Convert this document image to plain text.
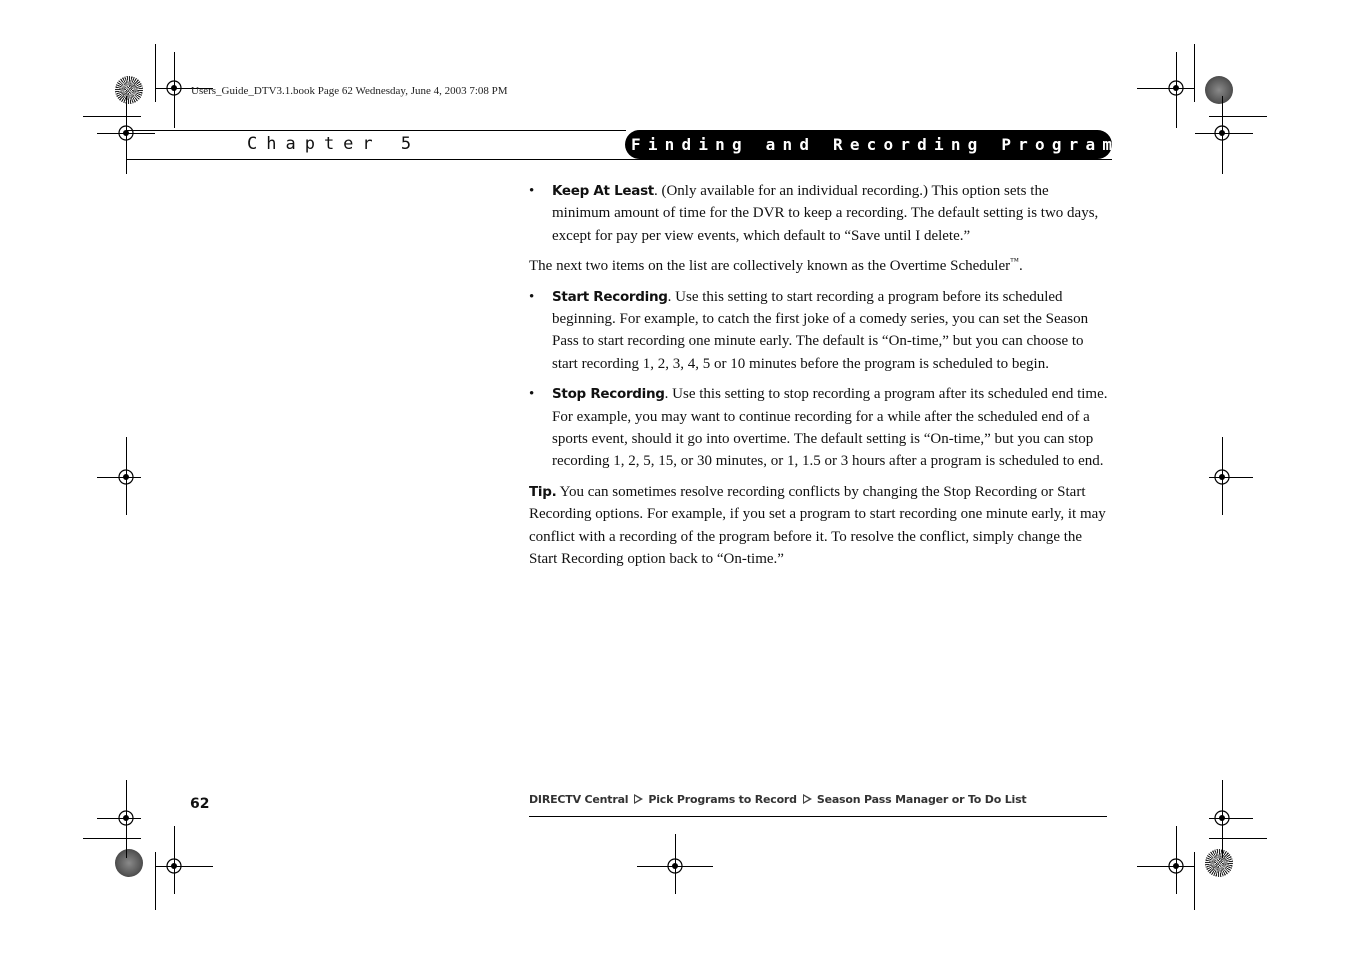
Users_Guide_DTV3.1.book Page 62 Wednesday, June 4, 2003 7:08 PM
Chapter 5	Finding and Recording Programs
• Keep At Least. (Only available for an individual recording.) This option sets the minimum amount of time for the DVR to keep a recording. The default setting is two days, except for pay per view events, which default to “Save until I delete.”

The next two items on the list are collectively known as the Overtime Scheduler™.

• Start Recording. Use this setting to start recording a program before its scheduled beginning. For example, to catch the first joke of a comedy series, you can set the Season Pass to start recording one minute early. The default is “On-time,” but you can choose to start recording 1, 2, 3, 4, 5 or 10 minutes before the program is scheduled to begin.
• Stop Recording. Use this setting to stop recording a program after its scheduled end time. For example, you may want to continue recording for a while after the scheduled end of a sports event, should it go into overtime. The default setting is “On-time,” but you can stop recording 1, 2, 5, 15, or 30 minutes, or 1, 1.5 or 3 hours after a program is scheduled to end.

Tip. You can sometimes resolve recording conflicts by changing the Stop Recording or Start Recording options. For example, if you set a program to start recording one minute early, it may conflict with a recording of the program before it. To resolve the conflict, simply change the Start Recording option back to “On-time.”

62	DIRECTV Central Pick Programs to Record Season Pass Manager or To Do List
